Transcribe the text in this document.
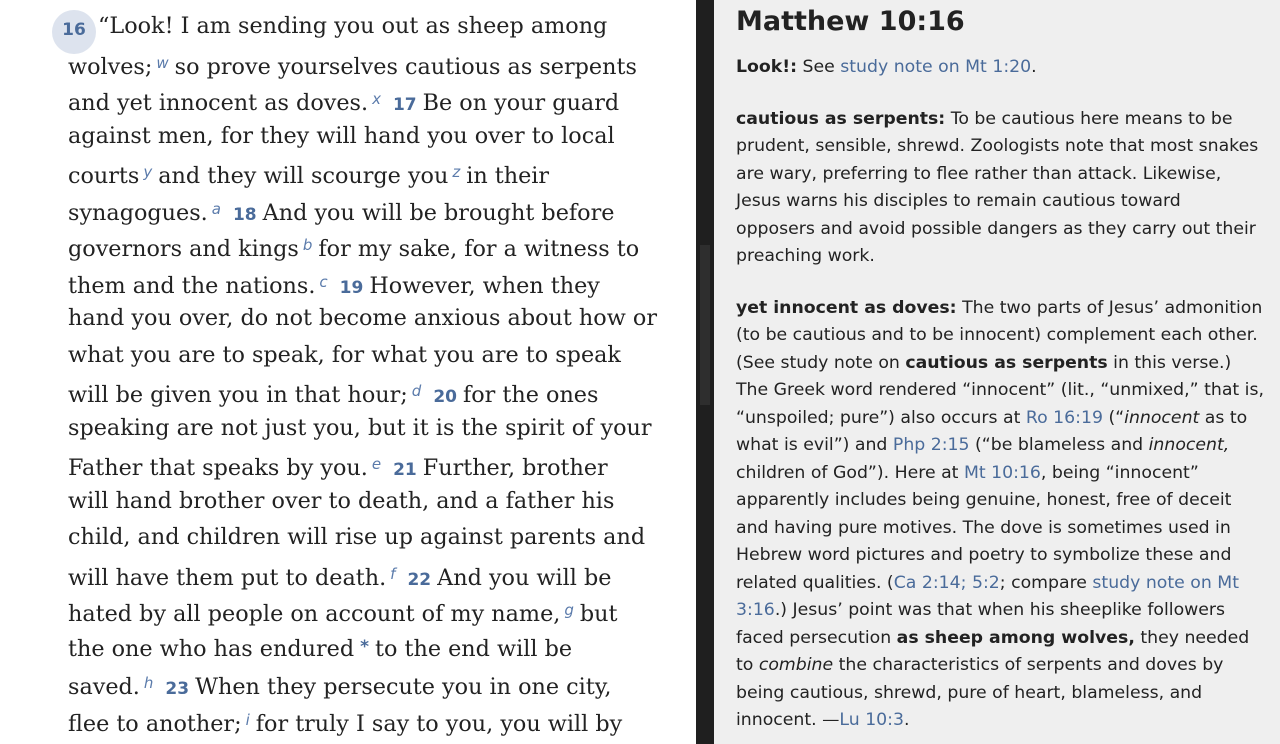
16 “Look! I am sending you out as sheep among
wolves; $^w$ so prove yourselves cautious as serpents
and yet innocent as doves. $^x$ 17 Be on your guard
against men, for they will hand you over to local
courts $^y$ and they will scourge you $^z$ in their
synagogues. $^a$ 18 And you will be brought before
governors and kings $^b$ for my sake, for a witness to
them and the nations. $^c$ 19 However, when they
hand you over, do not become anxious about how or
what you are to speak, for what you are to speak
will be given you in that hour; $^d$ 20 for the ones
speaking are not just you, but it is the spirit of your
Father that speaks by you. $^e$ 21 Further, brother
will hand brother over to death, and a father his
child, and children will rise up against parents and
will have them put to death. $^f$ 22 And you will be
hated by all people on account of my name, $^g$ but
the one who has endured * to the end will be
saved. $^h$ 23 When they persecute you in one city,
flee to another; $^i$ for truly I say to you, you will by

Matthew 10:16

Look!: See study note on Mt 1:20.

cautious as serpents: To be cautious here means to be prudent, sensible, shrewd. Zoologists note that most snakes are wary, preferring to flee rather than attack. Likewise, Jesus warns his disciples to remain cautious toward opposers and avoid possible dangers as they carry out their preaching work.

yet innocent as doves: The two parts of Jesus’ admonition (to be cautious and to be innocent) complement each other. (See study note on cautious as serpents in this verse.) The Greek word rendered “innocent” (lit., “unmixed,” that is, “unspoiled; pure”) also occurs at Ro 16:19 (“innocent as to what is evil”) and Php 2:15 (“be blameless and innocent, children of God”). Here at Mt 10:16, being “innocent” apparently includes being genuine, honest, free of deceit and having pure motives. The dove is sometimes used in Hebrew word pictures and poetry to symbolize these and related qualities. (Ca 2:14; 5:2; compare study note on Mt 3:16.) Jesus’ point was that when his sheeplike followers faced persecution as sheep among wolves, they needed to combine the characteristics of serpents and doves by being cautious, shrewd, pure of heart, blameless, and innocent. —Lu 10:3.
